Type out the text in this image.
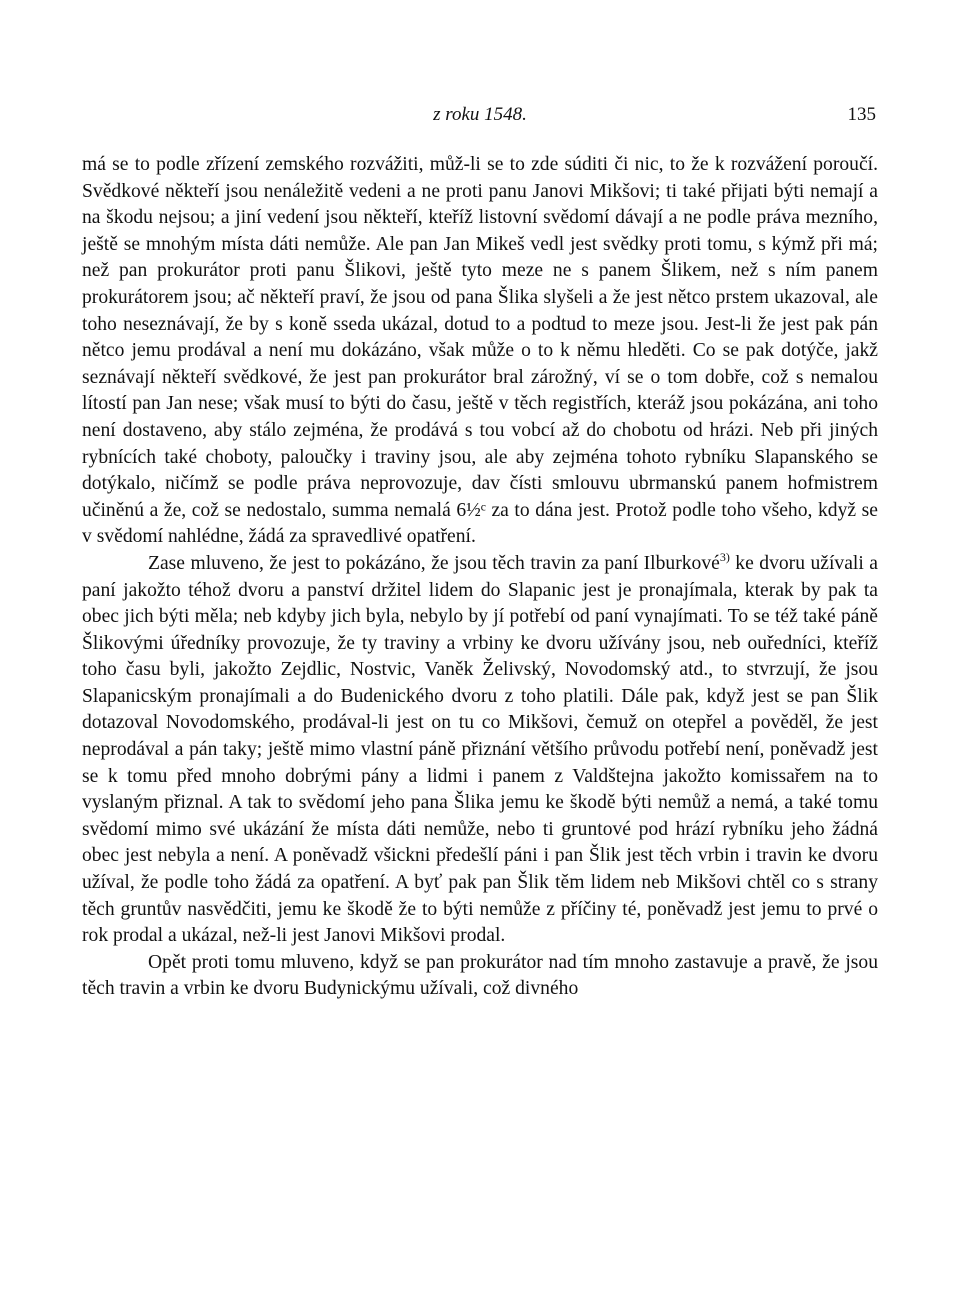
z roku 1548.	135

má se to podle zřízení zemského rozvážiti, můž-li se to zde súditi či nic, to že k rozvážení poroučí. Svědkové někteří jsou nenáležitě vedeni a ne proti panu Janovi Mikšovi; ti také přijati býti nemají a na škodu nejsou; a jiní vedení jsou někteří, kteříž listovní svědomí dávají a ne podle práva mezního, ještě se mnohým místa dáti nemůže. Ale pan Jan Mikeš vedl jest svědky proti tomu, s kýmž při má; než pan prokurátor proti panu Šlikovi, ještě tyto meze ne s panem Šlikem, než s ním panem prokurátorem jsou; ač někteří praví, že jsou od pana Šlika slyšeli a že jest nětco prstem ukazoval, ale toho neseznávají, že by s koně sseda ukázal, dotud to a podtud to meze jsou. Jest-li že jest pak pán nětco jemu prodával a není mu dokázáno, však může o to k němu hleděti. Co se pak dotýče, jakž seznávají někteří svědkové, že jest pan prokurátor bral zárožný, ví se o tom dobře, což s nemalou lítostí pan Jan nese; však musí to býti do času, ještě v těch registřích, kteráž jsou pokázána, ani toho není dostaveno, aby stálo zejména, že prodává s tou vobcí až do chobotu od hrázi. Neb při jiných rybnících také choboty, paloučky i traviny jsou, ale aby zejména tohoto rybníku Slapanského se dotýkalo, ničímž se podle práva neprovozuje, dav čísti smlouvu ubrmanskú panem hofmistrem učiněnú a že, což se nedostalo, summa nemalá 6½ᶜ za to dána jest. Protož podle toho všeho, když se v svědomí nahlédne, žádá za spravedlivé opatření.

Zase mluveno, že jest to pokázáno, že jsou těch travin za paní Ilburkové$^{3)}$ ke dvoru užívali a paní jakožto téhož dvoru a panství držitel lidem do Slapanic jest je pronajímala, kterak by pak ta obec jich býti měla; neb kdyby jich byla, nebylo by jí potřebí od paní vynajímati. To se též také páně Šlikovými úředníky provozuje, že ty traviny a vrbiny ke dvoru užívány jsou, neb ouředníci, kteříž toho času byli, jakožto Zejdlic, Nostvic, Vaněk Želivský, Novodomský atd., to stvrzují, že jsou Slapanicským pronajímali a do Budenického dvoru z toho platili. Dále pak, když jest se pan Šlik dotazoval Novodomského, prodával-li jest on tu co Mikšovi, čemuž on otepřel a pověděl, že jest neprodával a pán taky; ještě mimo vlastní páně přiznání většího průvodu potřebí není, poněvadž jest se k tomu před mnoho dobrými pány a lidmi i panem z Valdštejna jakožto komissařem na to vyslaným přiznal. A tak to svědomí jeho pana Šlika jemu ke škodě býti nemůž a nemá, a také tomu svědomí mimo své ukázání že místa dáti nemůže, nebo ti gruntové pod hrází rybníku jeho žádná obec jest nebyla a není. A poněvadž všickni předešlí páni i pan Šlik jest těch vrbin i travin ke dvoru užíval, že podle toho žádá za opatření. A byť pak pan Šlik těm lidem neb Mikšovi chtěl co s strany těch gruntův nasvědčiti, jemu ke škodě že to býti nemůže z příčiny té, poněvadž jest jemu to prvé o rok prodal a ukázal, než-li jest Janovi Mikšovi prodal.

Opět proti tomu mluveno, když se pan prokurátor nad tím mnoho zastavuje a pravě, že jsou těch travin a vrbin ke dvoru Budynickýmu užívali, což divného
